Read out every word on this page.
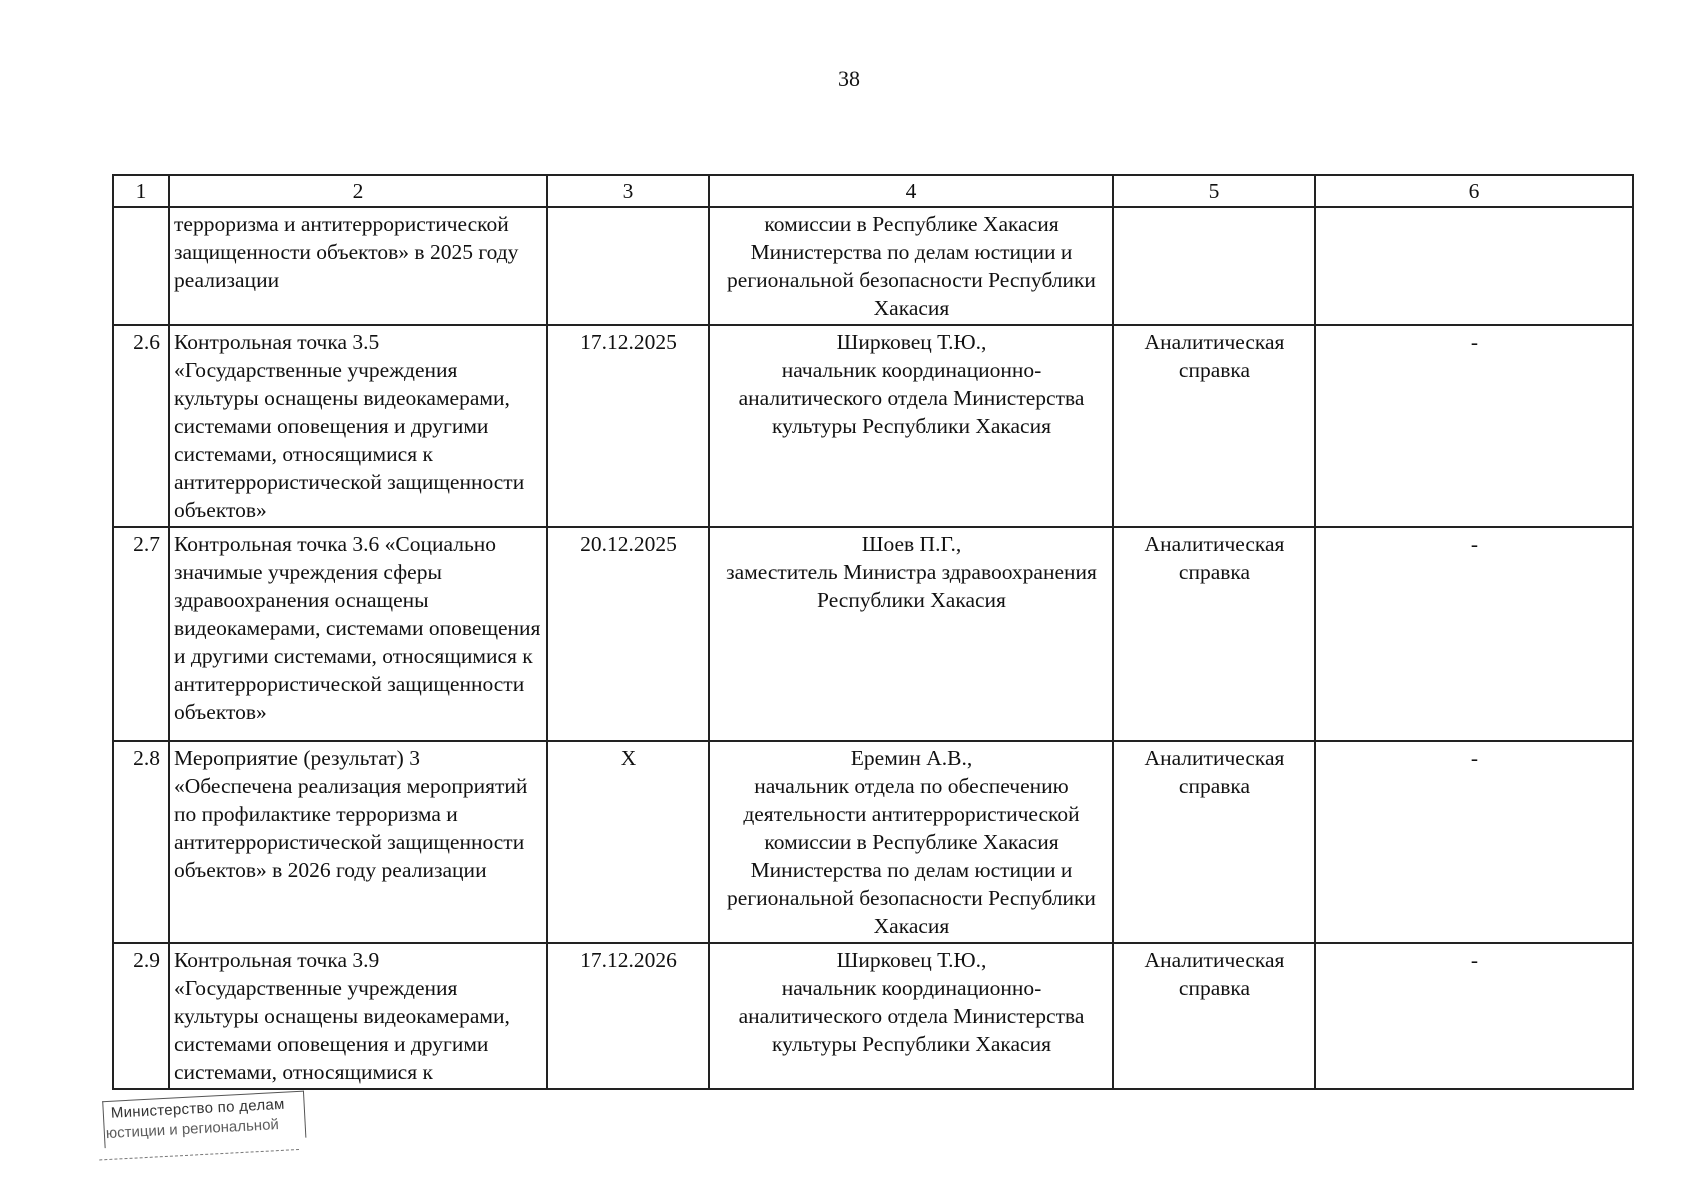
38
1	2	3	4	5	6
	терроризма и антитеррористической защищенности объектов» в 2025 году реализации		комиссии в Республике Хакасия Министерства по делам юстиции и региональной безопасности Республики Хакасия		

2.6	Контрольная точка 3.5 «Государственные учреждения культуры оснащены видеокамерами, системами оповещения и другими системами, относящимися к антитеррористической защищенности объектов»	17.12.2025	Ширковец Т.Ю.,
начальник координационно-аналитического отдела Министерства культуры Республики Хакасия	Аналитическая справка	-
2.7	Контрольная точка 3.6 «Социально значимые учреждения сферы здравоохранения оснащены видеокамерами, системами оповещения и другими системами, относящимися к антитеррористической защищенности объектов»	20.12.2025	Шоев П.Г.,
заместитель Министра здравоохранения Республики Хакасия	Аналитическая справка	-
2.8	Мероприятие (результат) 3 «Обеспечена реализация мероприятий по профилактике терроризма и антитеррористической защищенности объектов» в 2026 году реализации	X	Еремин А.В.,
начальник отдела по обеспечению деятельности антитеррористической комиссии в Республике Хакасия Министерства по делам юстиции и региональной безопасности Республики Хакасия	Аналитическая справка	-
2.9	Контрольная точка 3.9 «Государственные учреждения культуры оснащены видеокамерами, системами оповещения и другими системами, относящимися к	17.12.2026	Ширковец Т.Ю.,
начальник координационно-аналитического отдела Министерства культуры Республики Хакасия	Аналитическая справка	-
Министерство по делам
юстиции и региональной
